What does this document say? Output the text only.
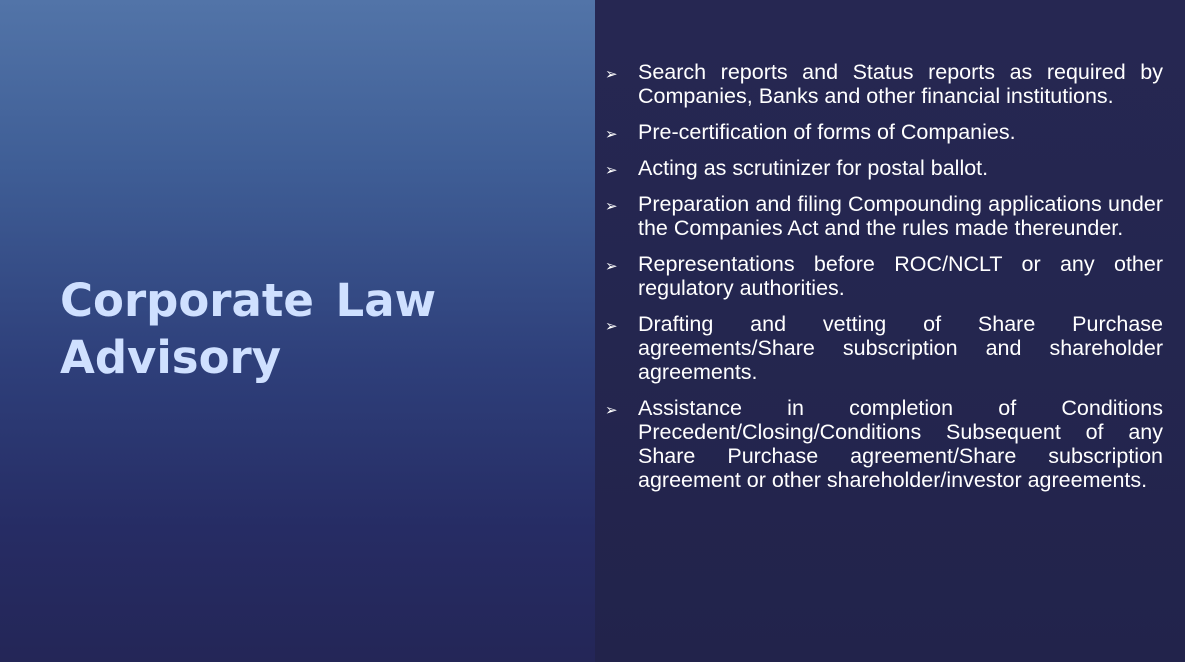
Corporate Law Advisory
➢ Search reports and Status reports as required by Companies, Banks and other financial institutions.
➢ Pre-certification of forms of Companies.
➢ Acting as scrutinizer for postal ballot.
➢ Preparation and filing Compounding applications under the Companies Act and the rules made thereunder.
➢ Representations before ROC/NCLT or any other regulatory authorities.
➢ Drafting and vetting of Share Purchase agreements/Share subscription and shareholder agreements.
➢ Assistance in completion of Conditions Precedent/Closing/Conditions Subsequent of any Share Purchase agreement/Share subscription agreement or other shareholder/investor agreements.
